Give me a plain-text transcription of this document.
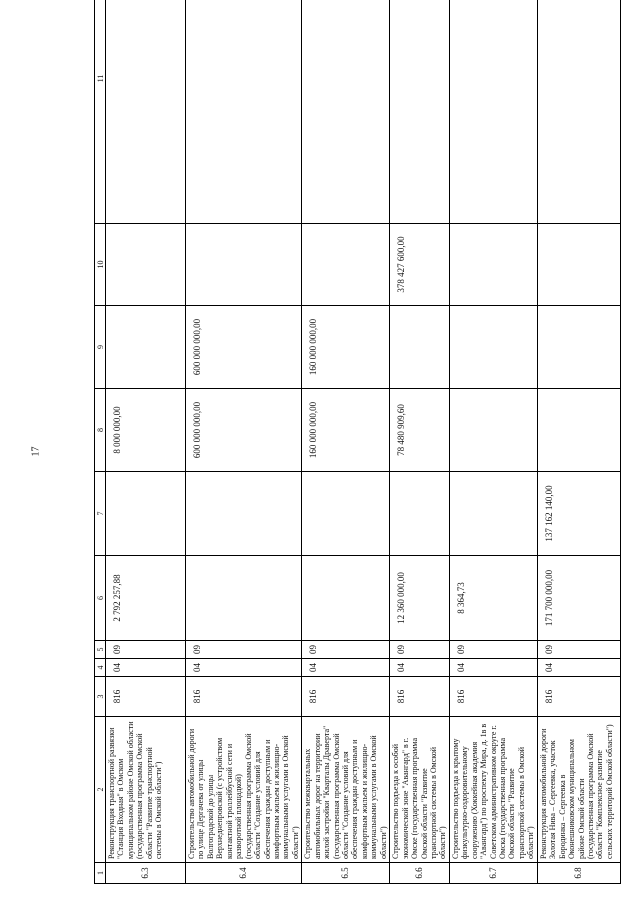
17
1	2	3	4	5	6	7	8	9	10	11
6.3	Реконструкция транспортной развязки "Станция Входная" в Омском муниципальном районе Омской области (государственная программа Омской области "Развитие транспортной системы в Омской области")	816	04	09	2 792 257,88		8 000 000,00			
6.4	Строительство автомобильной дороги по улице Дергачева от улицы Волгоградской до улицы Верхнеднепровской (с устройством контактной троллейбусной сети и разворотной площадкой) (государственная программа Омской области "Создание условий для обеспечения граждан доступным и комфортным жильем и жилищно-коммунальными услугами в Омской области")	816	04	09			600 000 000,00	600 000 000,00		
6.5	Строительство межквартальных автомобильных дорог на территории жилой застройки "Кварталы Драверта" (государственная программа Омской области "Создание условий для обеспечения граждан доступным и комфортным жильем и жилищно-коммунальными услугами в Омской области")	816	04	09			160 000 000,00	160 000 000,00		
6.6	Строительство подъезда к особой экономической зоне "Авангард" в г. Омске (государственная программа Омской области "Развитие транспортной системы в Омской области")	816	04	09	12 360 000,00		78 480 909,60		378 427 600,00	
6.7	Строительство подъезда к крытому физкультурно-оздоровительному сооружению (Хоккейная академия "Авангард") по проспекту Мира, д. 1в в Советском административном округе г. Омска (государственная программа Омской области "Развитие транспортной системы в Омской области")	816	04	09	8 364,73					
6.8	Реконструкция автомобильной дороги Золотая Нива – Сергеевка, участок Бородинка – Сергеевка в Оконешниковском муниципальном районе Омской области (государственная программа Омской области "Комплексное развитие сельских территорий Омской области")	816	04	09	171 700 000,00	137 162 140,00				
